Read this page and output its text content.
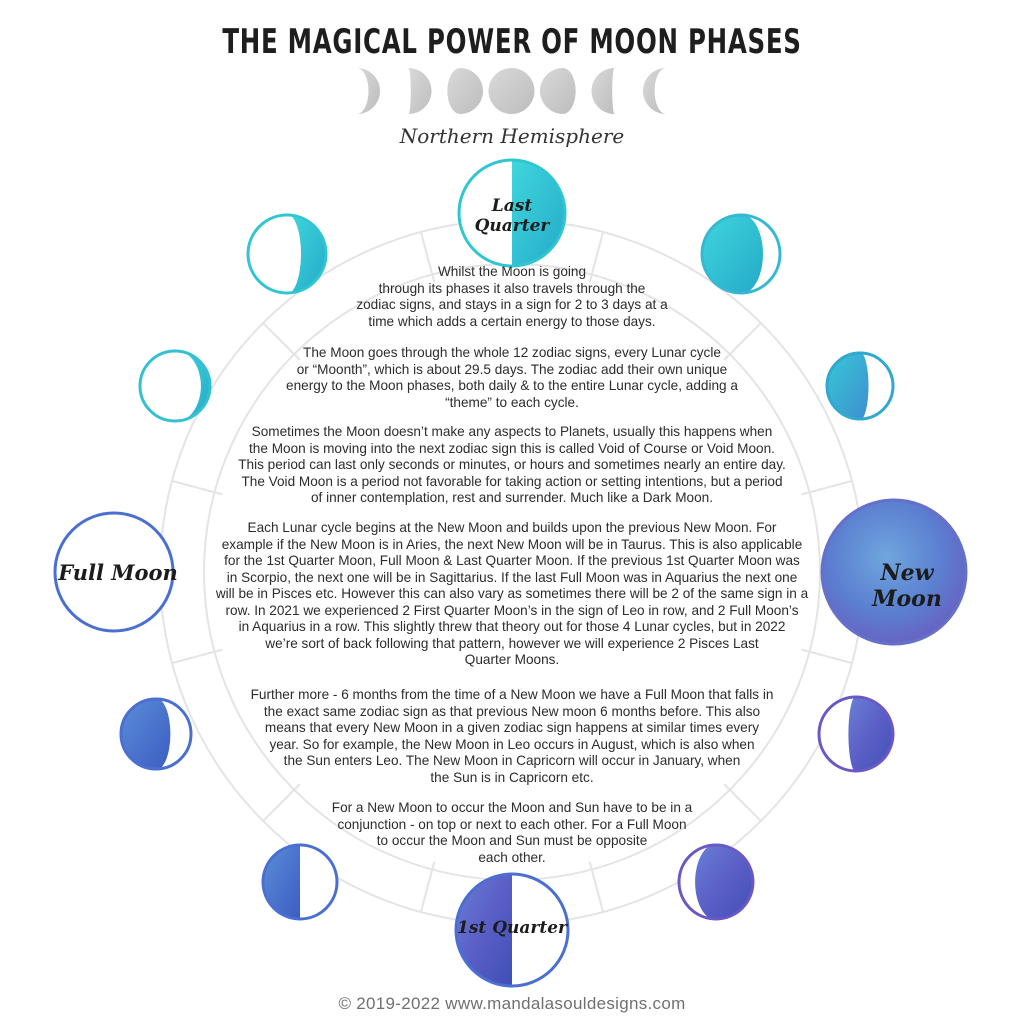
THE MAGICAL POWER OF MOON PHASES
Northern Hemisphere
Last Quarter
New Moon
1st Quarter
Full Moon
Whilst the Moon is going
through its phases it also travels through the
zodiac signs, and stays in a sign for 2 to 3 days at a
time which adds a certain energy to those days.
The Moon goes through the whole 12 zodiac signs, every Lunar cycle
or “Moonth”, which is about 29.5 days. The zodiac add their own unique
energy to the Moon phases, both daily & to the entire Lunar cycle, adding a
“theme” to each cycle.
Sometimes the Moon doesn’t make any aspects to Planets, usually this happens when
the Moon is moving into the next zodiac sign this is called Void of Course or Void Moon.
This period can last only seconds or minutes, or hours and sometimes nearly an entire day.
The Void Moon is a period not favorable for taking action or setting intentions, but a period
of inner contemplation, rest and surrender. Much like a Dark Moon.
Each Lunar cycle begins at the New Moon and builds upon the previous New Moon. For
example if the New Moon is in Aries, the next New Moon will be in Taurus. This is also applicable
for the 1st Quarter Moon, Full Moon & Last Quarter Moon. If the previous 1st Quarter Moon was
in Scorpio, the next one will be in Sagittarius. If the last Full Moon was in Aquarius the next one
will be in Pisces etc. However this can also vary as sometimes there will be 2 of the same sign in a
row. In 2021 we experienced 2 First Quarter Moon’s in the sign of Leo in row, and 2 Full Moon’s
in Aquarius in a row. This slightly threw that theory out for those 4 Lunar cycles, but in 2022
we’re sort of back following that pattern, however we will experience 2 Pisces Last
Quarter Moons.
Further more - 6 months from the time of a New Moon we have a Full Moon that falls in
the exact same zodiac sign as that previous New moon 6 months before. This also
means that every New Moon in a given zodiac sign happens at similar times every
year. So for example, the New Moon in Leo occurs in August, which is also when
the Sun enters Leo. The New Moon in Capricorn will occur in January, when
the Sun is in Capricorn etc.
For a New Moon to occur the Moon and Sun have to be in a
conjunction - on top or next to each other. For a Full Moon
to occur the Moon and Sun must be opposite
each other.
© 2019-2022 www.mandalasouldesigns.com
